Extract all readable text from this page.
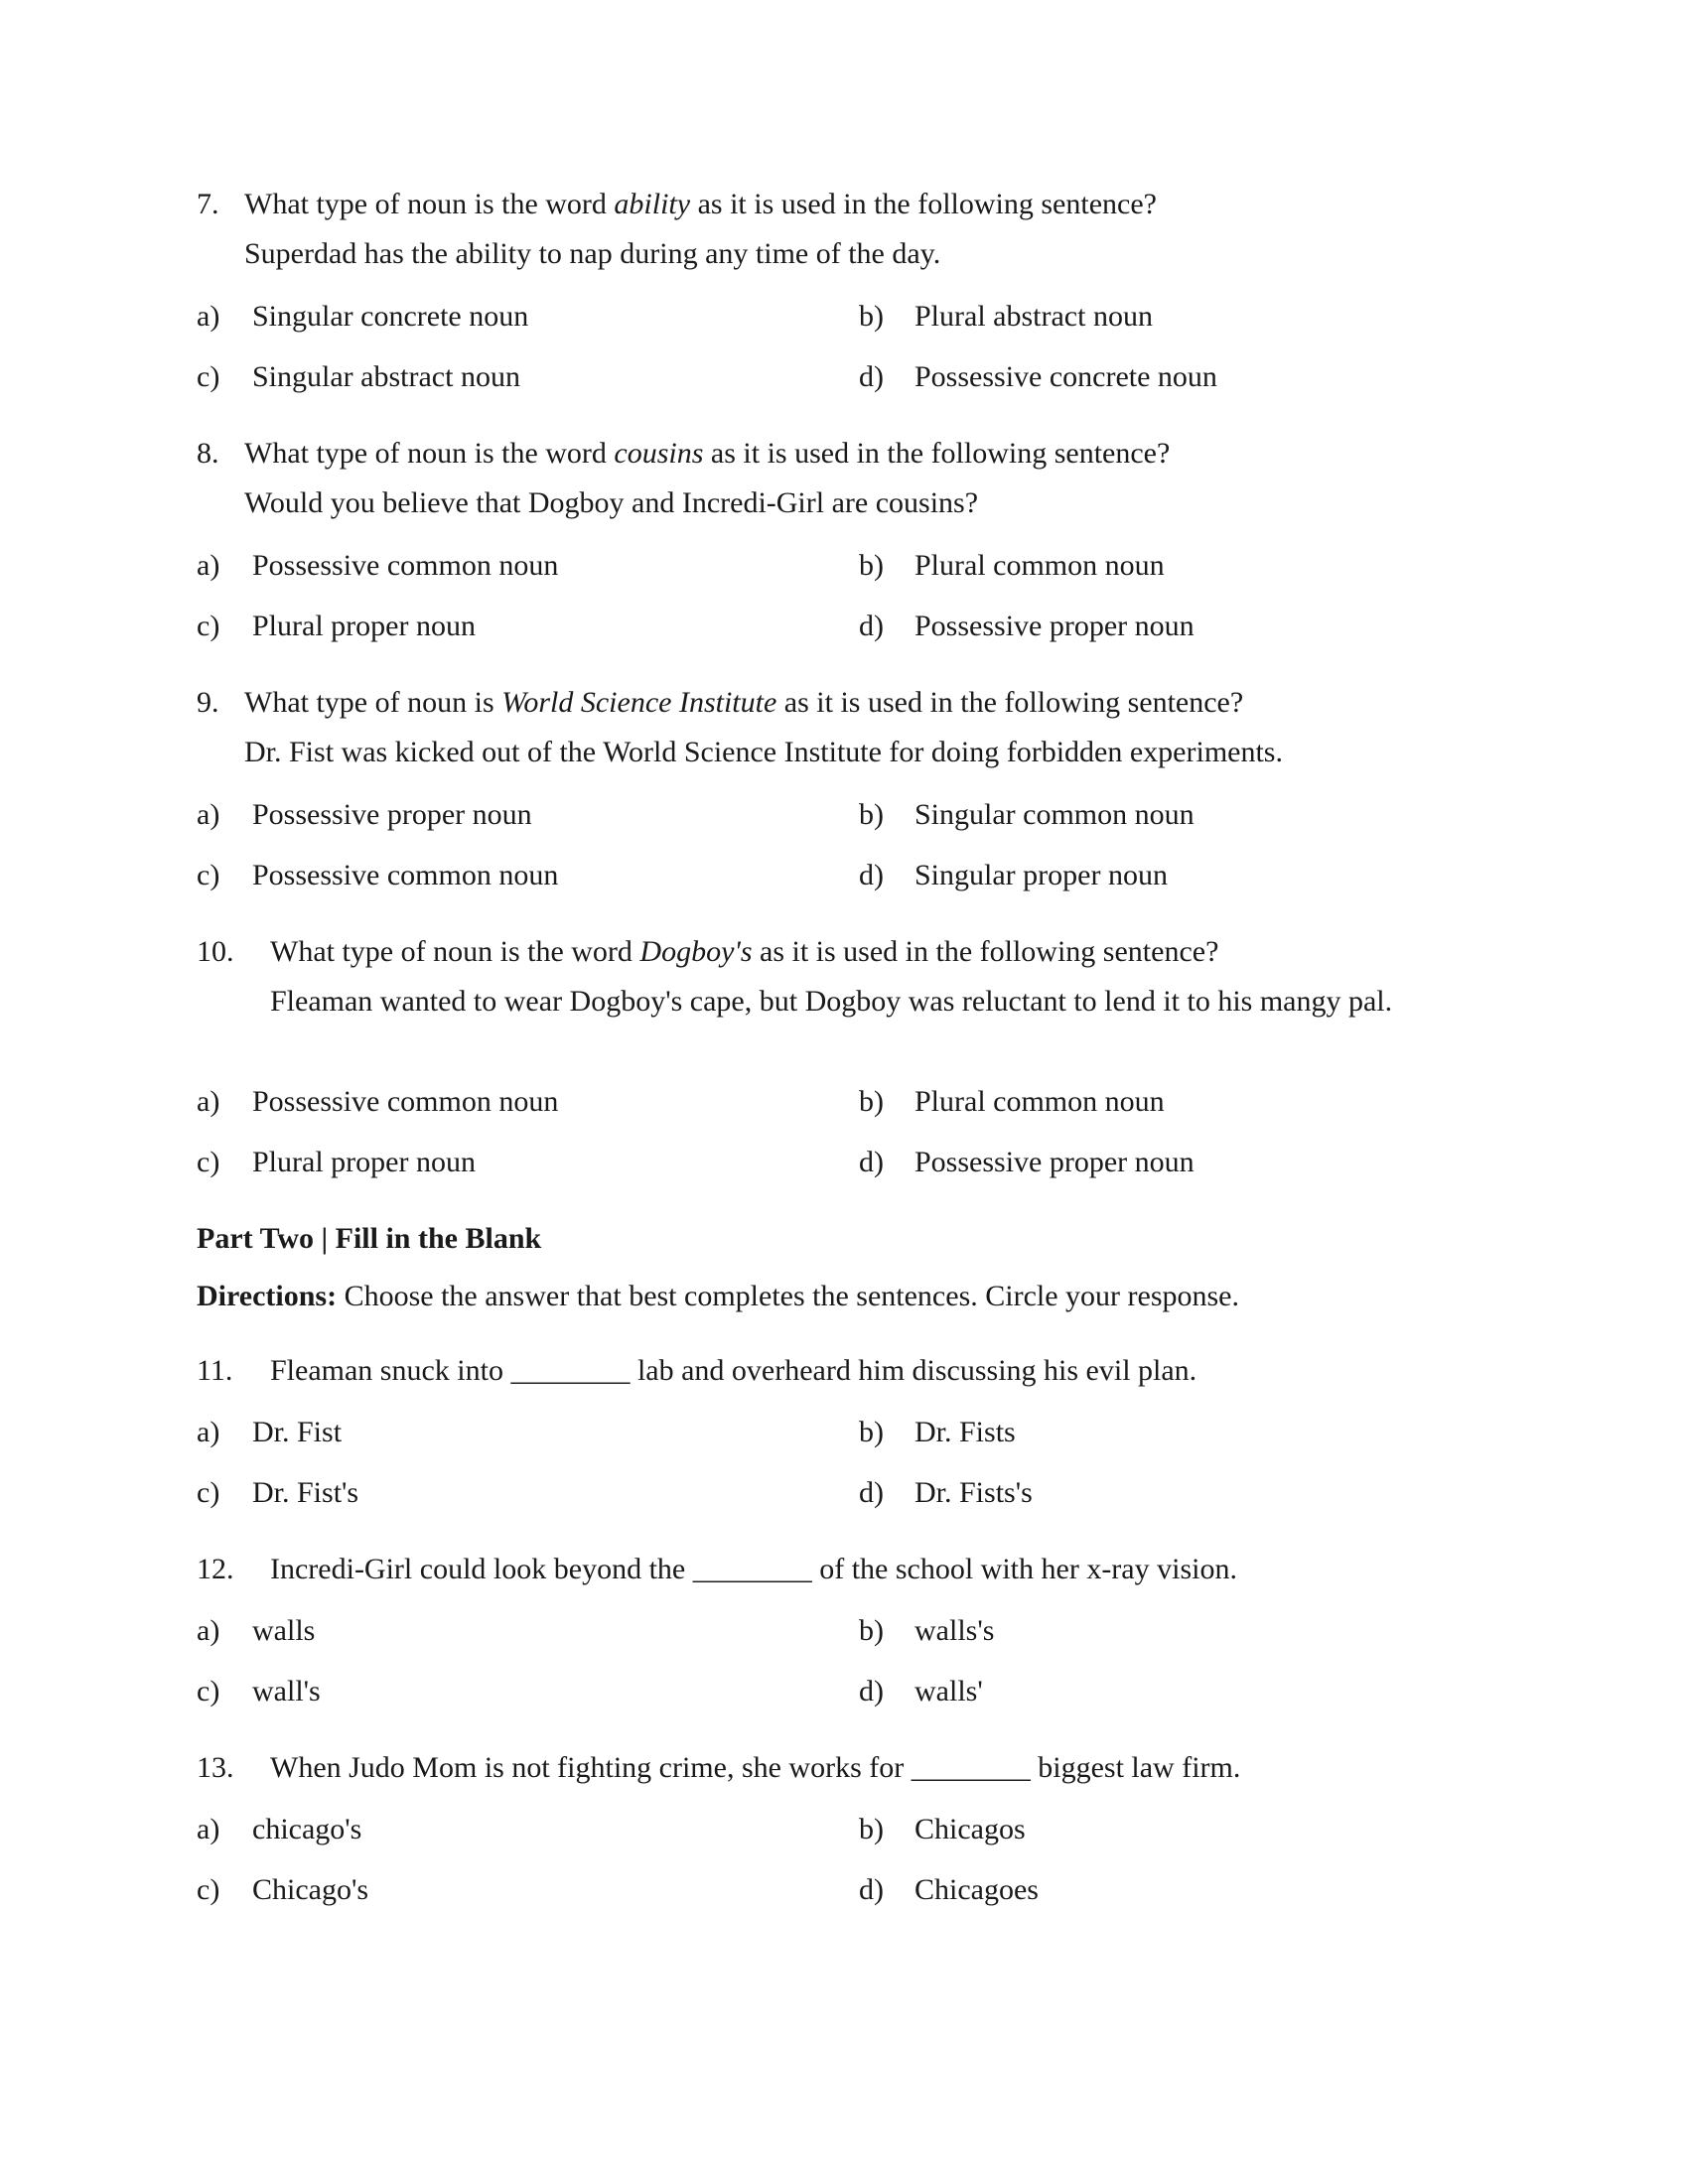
7. What type of noun is the word ability as it is used in the following sentence?
Superdad has the ability to nap during any time of the day.
a) Singular concrete noun	b) Plural abstract noun
c) Singular abstract noun	d) Possessive concrete noun
8. What type of noun is the word cousins as it is used in the following sentence?
Would you believe that Dogboy and Incredi-Girl are cousins?
a) Possessive common noun	b) Plural common noun
c) Plural proper noun	d) Possessive proper noun
9. What type of noun is World Science Institute as it is used in the following sentence?
Dr. Fist was kicked out of the World Science Institute for doing forbidden experiments.
a) Possessive proper noun	b) Singular common noun
c) Possessive common noun	d) Singular proper noun
10. What type of noun is the word Dogboy's as it is used in the following sentence?
Fleaman wanted to wear Dogboy's cape, but Dogboy was reluctant to lend it to his mangy pal.
a) Possessive common noun	b) Plural common noun
c) Plural proper noun	d) Possessive proper noun
Part Two | Fill in the Blank
Directions: Choose the answer that best completes the sentences. Circle your response.
11. Fleaman snuck into ________ lab and overheard him discussing his evil plan.
a) Dr. Fist	b) Dr. Fists
c) Dr. Fist's	d) Dr. Fists's
12. Incredi-Girl could look beyond the ________ of the school with her x-ray vision.
a) walls	b) walls's
c) wall's	d) walls'
13. When Judo Mom is not fighting crime, she works for ________ biggest law firm.
a) chicago's	b) Chicagos
c) Chicago's	d) Chicagoes
